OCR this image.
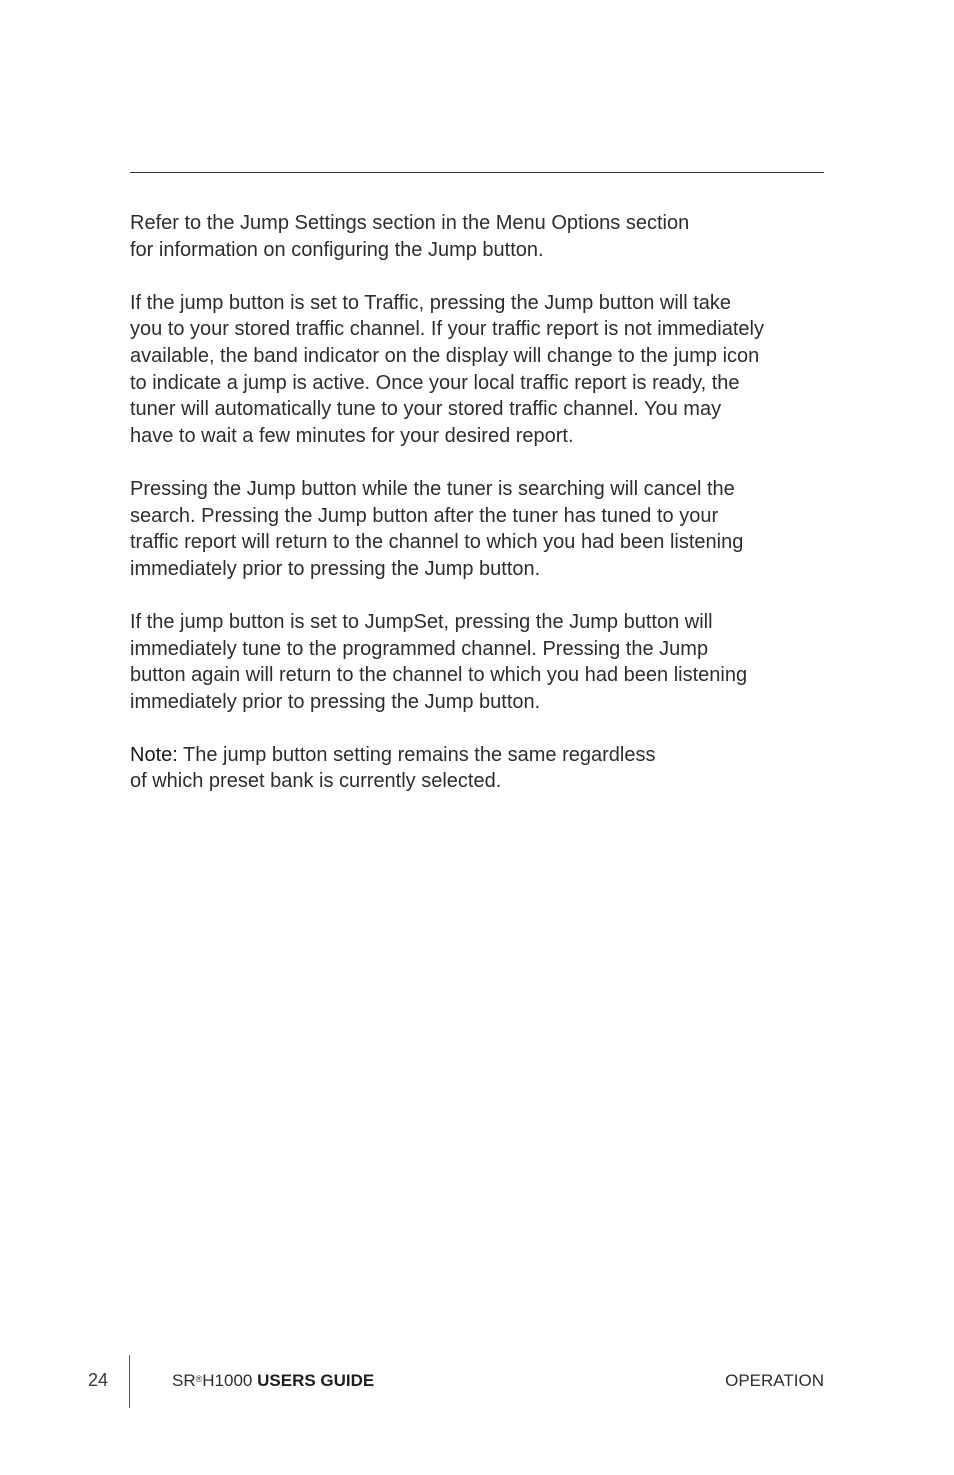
Refer to the Jump Settings section in the Menu Options section
for information on configuring the Jump button.

If the jump button is set to Traffic, pressing the Jump button will take
you to your stored traffic channel. If your traffic report is not immediately
available, the band indicator on the display will change to the jump icon
to indicate a jump is active. Once your local traffic report is ready, the
tuner will automatically tune to your stored traffic channel. You may
have to wait a few minutes for your desired report.

Pressing the Jump button while the tuner is searching will cancel the
search. Pressing the Jump button after the tuner has tuned to your
traffic report will return to the channel to which you had been listening
immediately prior to pressing the Jump button.

If the jump button is set to JumpSet, pressing the Jump button will
immediately tune to the programmed channel. Pressing the Jump
button again will return to the channel to which you had been listening
immediately prior to pressing the Jump button.

Note: The jump button setting remains the same regardless
of which preset bank is currently selected.

24	SR®H1000 USERS GUIDE	OPERATION
